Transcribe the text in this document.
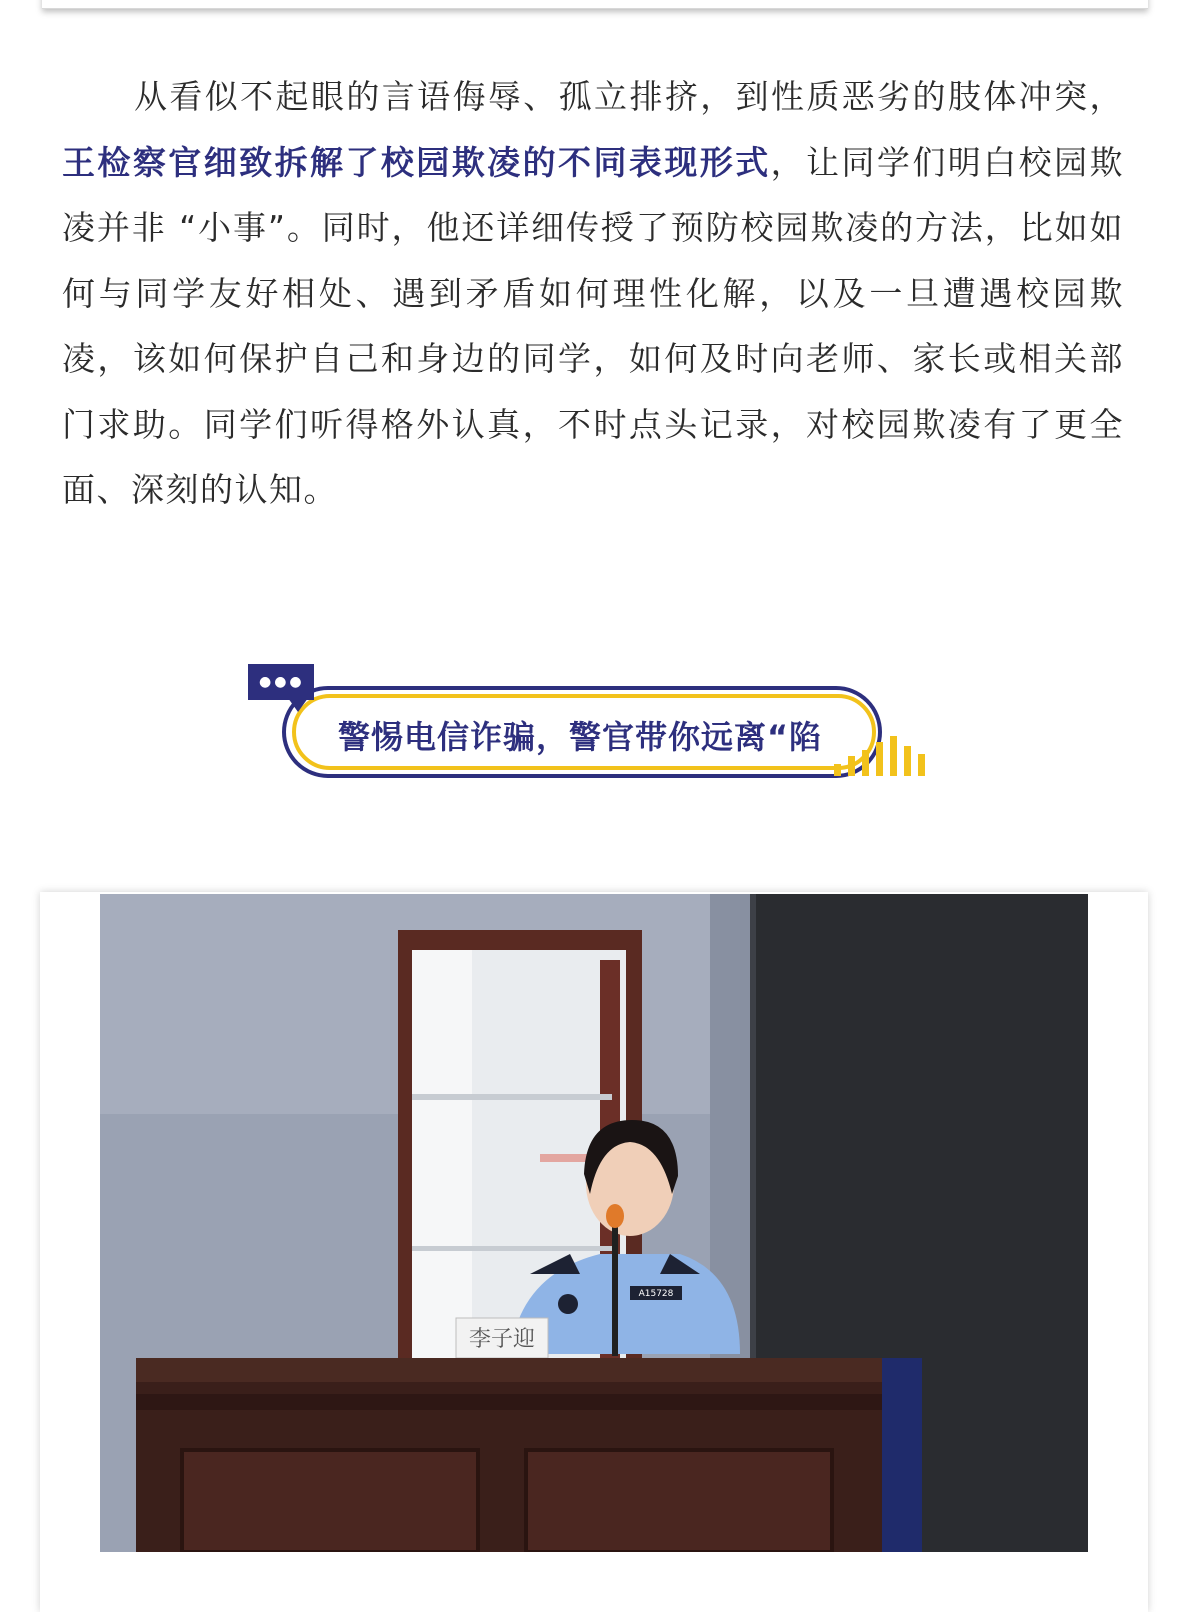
从看似不起眼的言语侮辱、孤立排挤，到性质恶劣的肢体冲突，王检察官细致拆解了校园欺凌的不同表现形式，让同学们明白校园欺凌并非 “小事”。同时，他还详细传授了预防校园欺凌的方法，比如如何与同学友好相处、遇到矛盾如何理性化解，以及一旦遭遇校园欺凌，该如何保护自己和身边的同学，如何及时向老师、家长或相关部门求助。同学们听得格外认真，不时点头记录，对校园欺凌有了更全面、深刻的认知。

●●●
警惕电信诈骗，警官带你远离“陷
李子迎
A15728
